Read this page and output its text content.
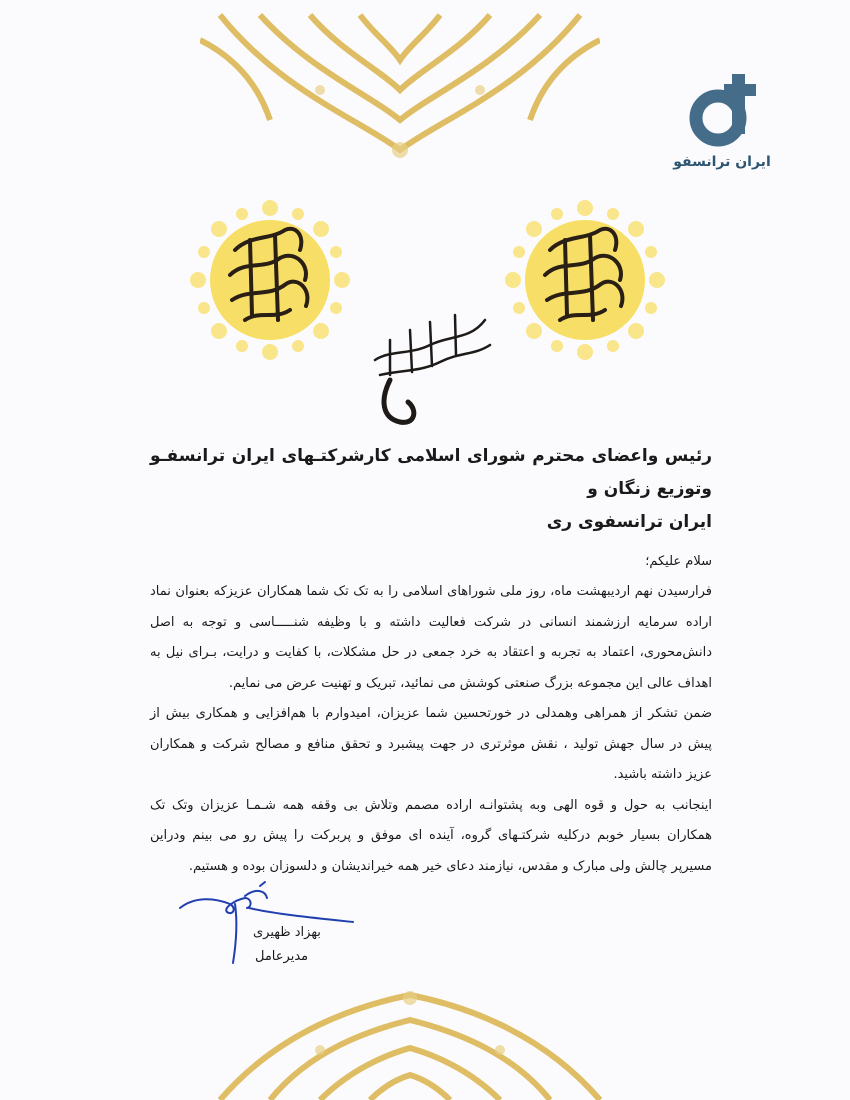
ایران ترانسفو

رئیس واعضای محترم شورای اسلامی کارشرکتـهای ایران ترانسفـو وتوزیع زنگان و

ایران ترانسفوی ری

سلام علیکم؛

فرارسیدن نهم اردیبهشت ماه، روز ملی شوراهای اسلامی را به تک تک شما همکاران عزیزکه بعنوان نماد اراده سرمایه ارزشمند انسانی در شرکت فعالیت داشته و با وظیفه شنـــــاسی و توجه به اصل دانش‌محوری، اعتماد به تجربه و اعتقاد به خرد جمعی در حل مشکلات، با کفایت و درایت، بـرای نیل به اهداف عالی این مجموعه بزرگ صنعتی کوشش می نمائید، تبریک و تهنیت عرض می نمایم.

ضمن تشکر از همراهی وهمدلی در خورتحسین شما عزیزان، امیدوارم با هم‌افزایی و همکاری بیش از پیش در سال جهش تولید ، نقش موثرتری در جهت پیشبرد و تحقق منافع و مصالح شرکت و همکاران عزیز داشته باشید.

اینجانب به حول و قوه الهی وبه پشتوانـه اراده مصمم وتلاش بی وقفه همه شـمـا عزیزان وتک تک همکاران بسیار خوبم درکلیه شرکتـهای گروه، آینده ای موفق و پربرکت را پیش رو می بینم ودراین مسیرپر چالش ولی مبارک و مقدس، نیازمند دعای خیر همه خیراندیشان و دلسوزان بوده و هستیم.

بهزاد ظهیری
مدیرعامل
